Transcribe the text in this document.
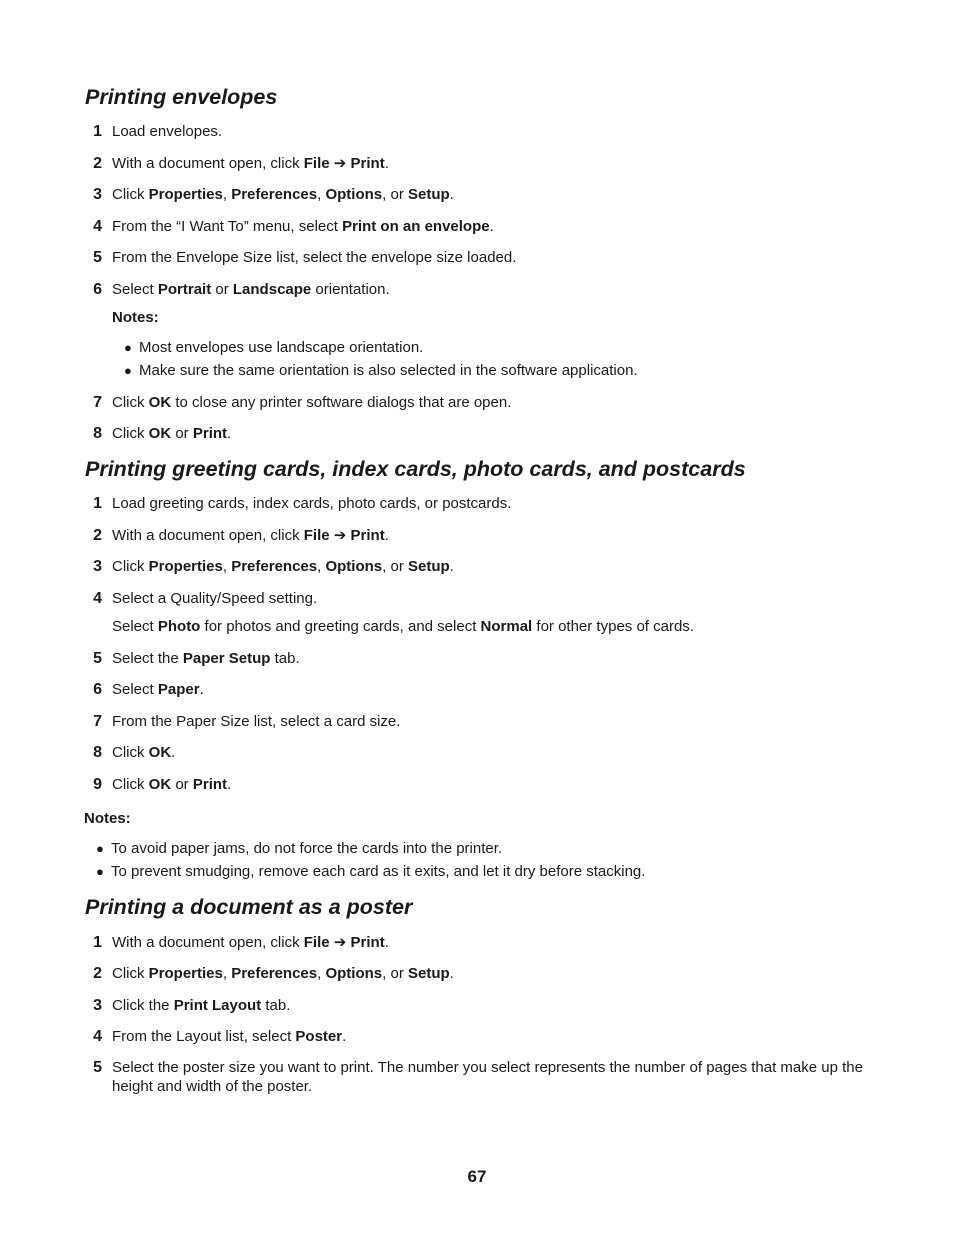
Printing envelopes
1 Load envelopes.
2 With a document open, click File ➔ Print.
3 Click Properties, Preferences, Options, or Setup.
4 From the “I Want To” menu, select Print on an envelope.
5 From the Envelope Size list, select the envelope size loaded.
6 Select Portrait or Landscape orientation.
Notes:
● Most envelopes use landscape orientation.
● Make sure the same orientation is also selected in the software application.
7 Click OK to close any printer software dialogs that are open.
8 Click OK or Print.
Printing greeting cards, index cards, photo cards, and postcards
1 Load greeting cards, index cards, photo cards, or postcards.
2 With a document open, click File ➔ Print.
3 Click Properties, Preferences, Options, or Setup.
4 Select a Quality/Speed setting.
Select Photo for photos and greeting cards, and select Normal for other types of cards.
5 Select the Paper Setup tab.
6 Select Paper.
7 From the Paper Size list, select a card size.
8 Click OK.
9 Click OK or Print.
Notes:
● To avoid paper jams, do not force the cards into the printer.
● To prevent smudging, remove each card as it exits, and let it dry before stacking.
Printing a document as a poster
1 With a document open, click File ➔ Print.
2 Click Properties, Preferences, Options, or Setup.
3 Click the Print Layout tab.
4 From the Layout list, select Poster.
5 Select the poster size you want to print. The number you select represents the number of pages that make up the height and width of the poster.
67
